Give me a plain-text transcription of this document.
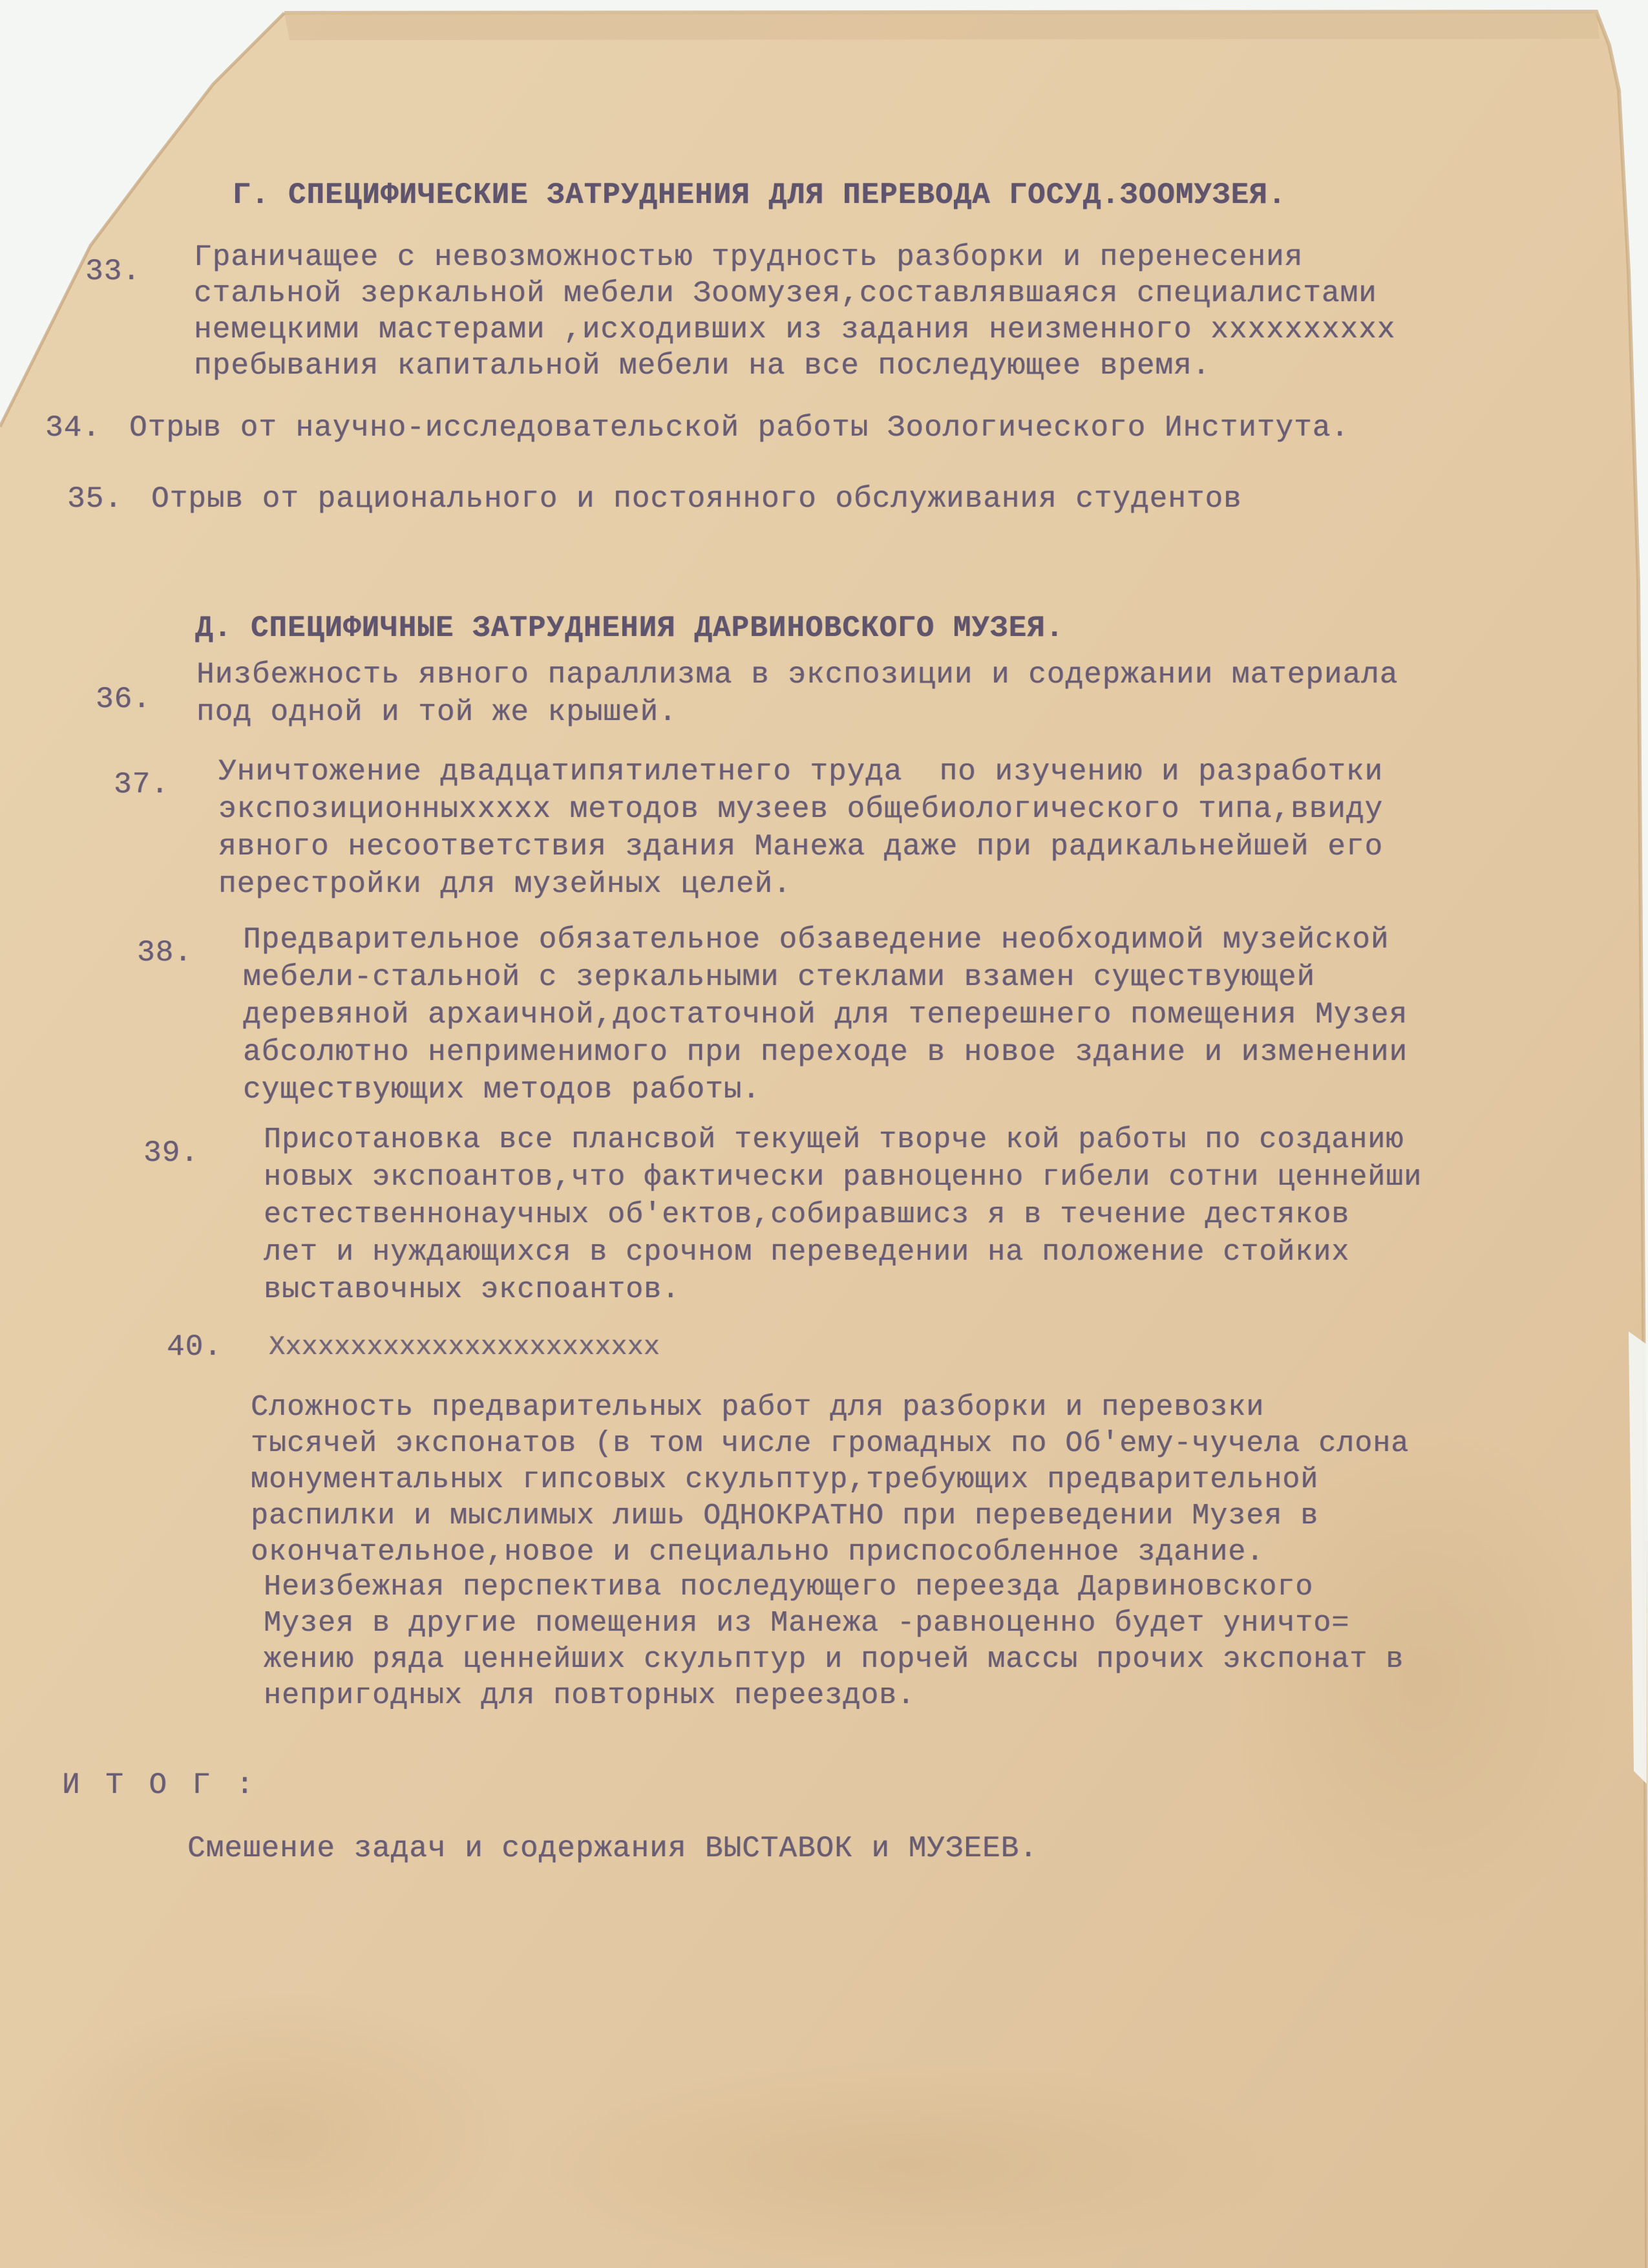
Г. СПЕЦИФИЧЕСКИЕ ЗАТРУДНЕНИЯ ДЛЯ ПЕРЕВОДА ГОСУД.ЗООМУЗЕЯ.
33. Граничащее с невозможностью трудность разборки и перенесения
стальной зеркальной мебели Зоомузея,составлявшаяся специалистами
немецкими мастерами ,исходивших из задания неизменного хххххххххх
пребывания капитальной мебели на все последующее время.
34. Отрыв от научно-исследовательской работы Зоологического Института.
35. Отрыв от рационального и постоянного обслуживания студентов
Д. СПЕЦИФИЧНЫЕ ЗАТРУДНЕНИЯ ДАРВИНОВСКОГО МУЗЕЯ.
36.
Низбежность явного параллизма в экспозиции и содержании материала
под одной и той же крышей.
37. Уничтожение двадцатипятилетнего труда  по изучению и разработки
экспозиционныххххх методов музеев общебиологического типа,ввиду
явного несоответствия здания Манежа даже при радикальнейшей его
перестройки для музейных целей.
38. Предварительное обязательное обзаведение необходимой музейской
мебели-стальной с зеркальными стеклами взамен существующей
деревяной архаичной,достаточной для теперешнего помещения Музея
абсолютно неприменимого при переходе в новое здание и изменении
существующих методов работы.
39. Присотановка все плансвой текущей творче кой работы по созданию
новых экспоантов,что фактически равноценно гибели сотни ценнейши
естественнонаучных об'ектов,собиравшисз я в течение дестяков
лет и нуждающихся в срочном переведении на положение стойких
выставочных экспоантов.
40. Хххххххххххххххххххххххх
Сложность предварительных работ для разборки и перевозки
тысячей экспонатов (в том числе громадных по Об'ему-чучела слона
монументальных гипсовых скульптур,требующих предварительной
распилки и мыслимых лишь ОДНОКРАТНО при переведении Музея в
окончательное,новое и специально приспособленное здание.
Неизбежная перспектива последующего переезда Дарвиновского
Музея в другие помещения из Манежа -равноценно будет уничто=
жению ряда ценнейших скульптур и порчей массы прочих экспонат в
непригодных для повторных переездов.
И Т О Г :
Смешение задач и содержания ВЫСТАВОК и МУЗЕЕВ.
